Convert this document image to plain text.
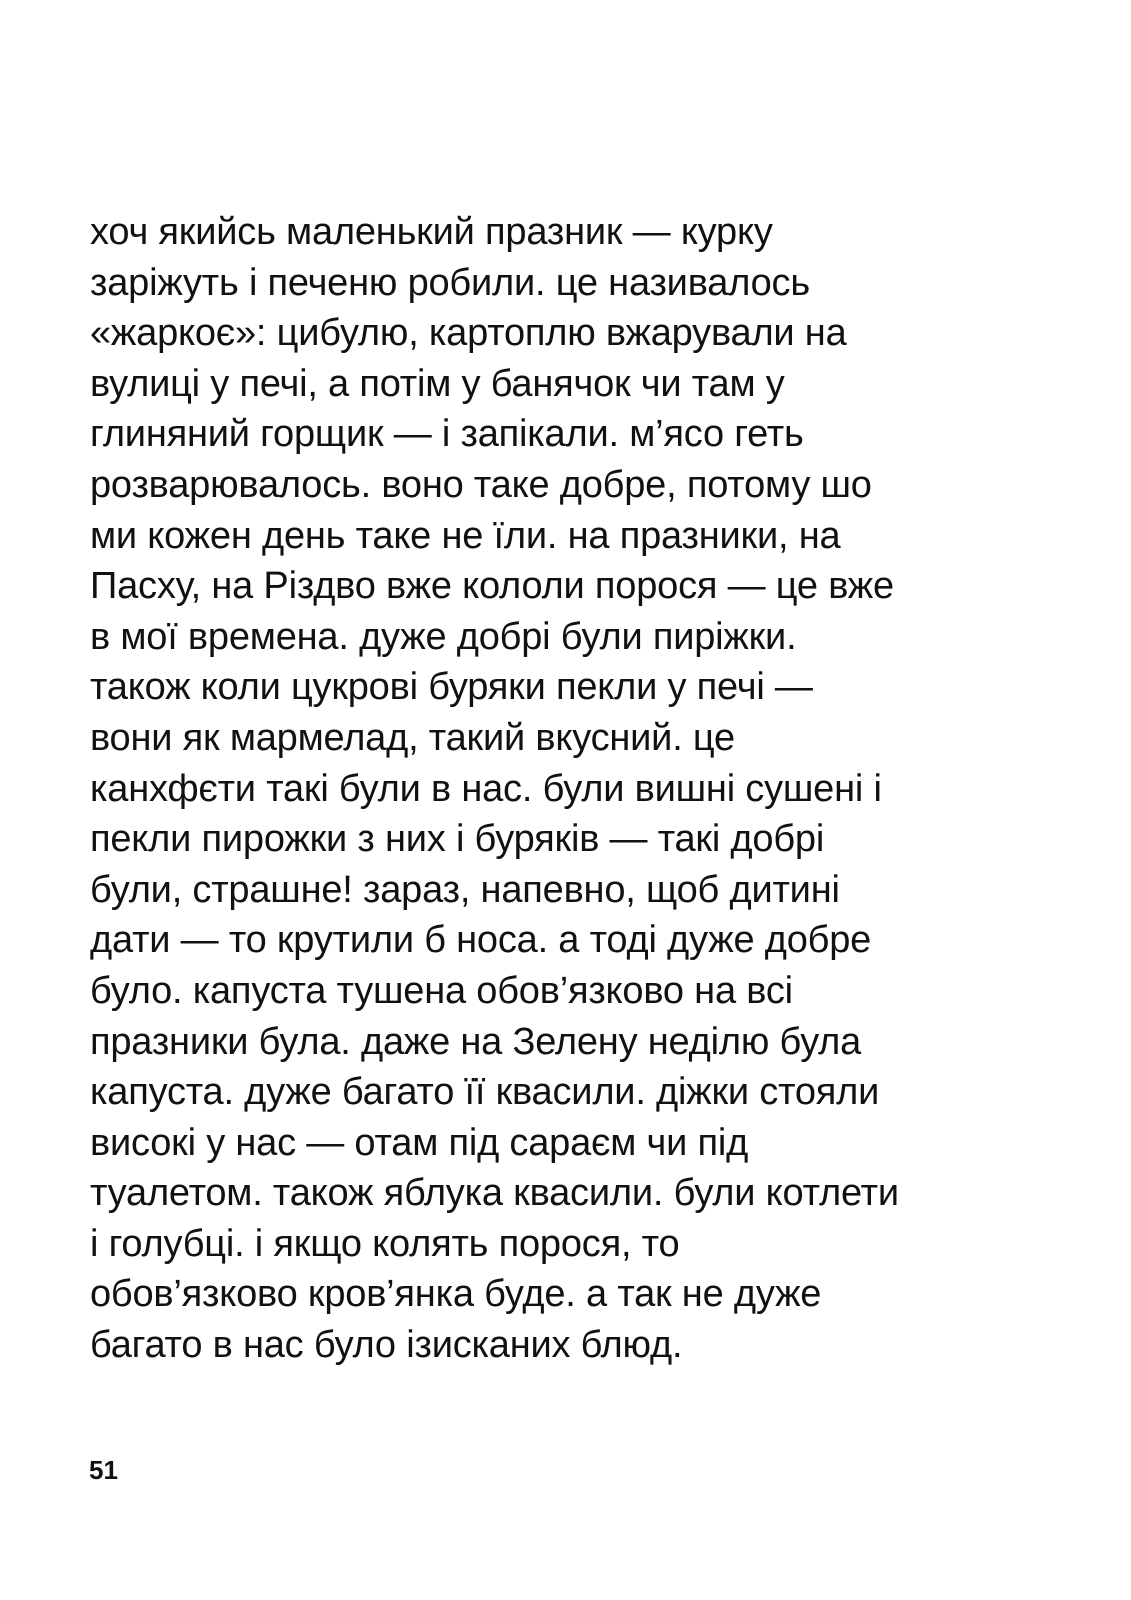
хоч якийсь маленький празник — курку
заріжуть і печеню робили. це називалось
«жаркоє»: цибулю, картоплю вжарували на
вулиці у печі, а потім у банячок чи там у
глиняний горщик — і запікали. м’ясо геть
розварювалось. воно таке добре, потому шо
ми кожен день таке не їли. на празники, на
Пасху, на Різдво вже кололи порося — це вже
в мої времена. дуже добрі були пиріжки.
також коли цукрові буряки пекли у печі —
вони як мармелад, такий вкусний. це
канхфєти такі були в нас. були вишні сушені і
пекли пирожки з них і буряків — такі добрі
були, страшне! зараз, напевно, щоб дитині
дати — то крутили б носа. а тоді дуже добре
було. капуста тушена обов’язково на всі
празники була. даже на Зелену неділю була
капуста. дуже багато її квасили. діжки стояли
високі у нас — отам під сараєм чи під
туалетом. також яблука квасили. були котлети
і голубці. і якщо колять порося, то
обов’язково кров’янка буде. а так не дуже
багато в нас було ізисканих блюд.

51
